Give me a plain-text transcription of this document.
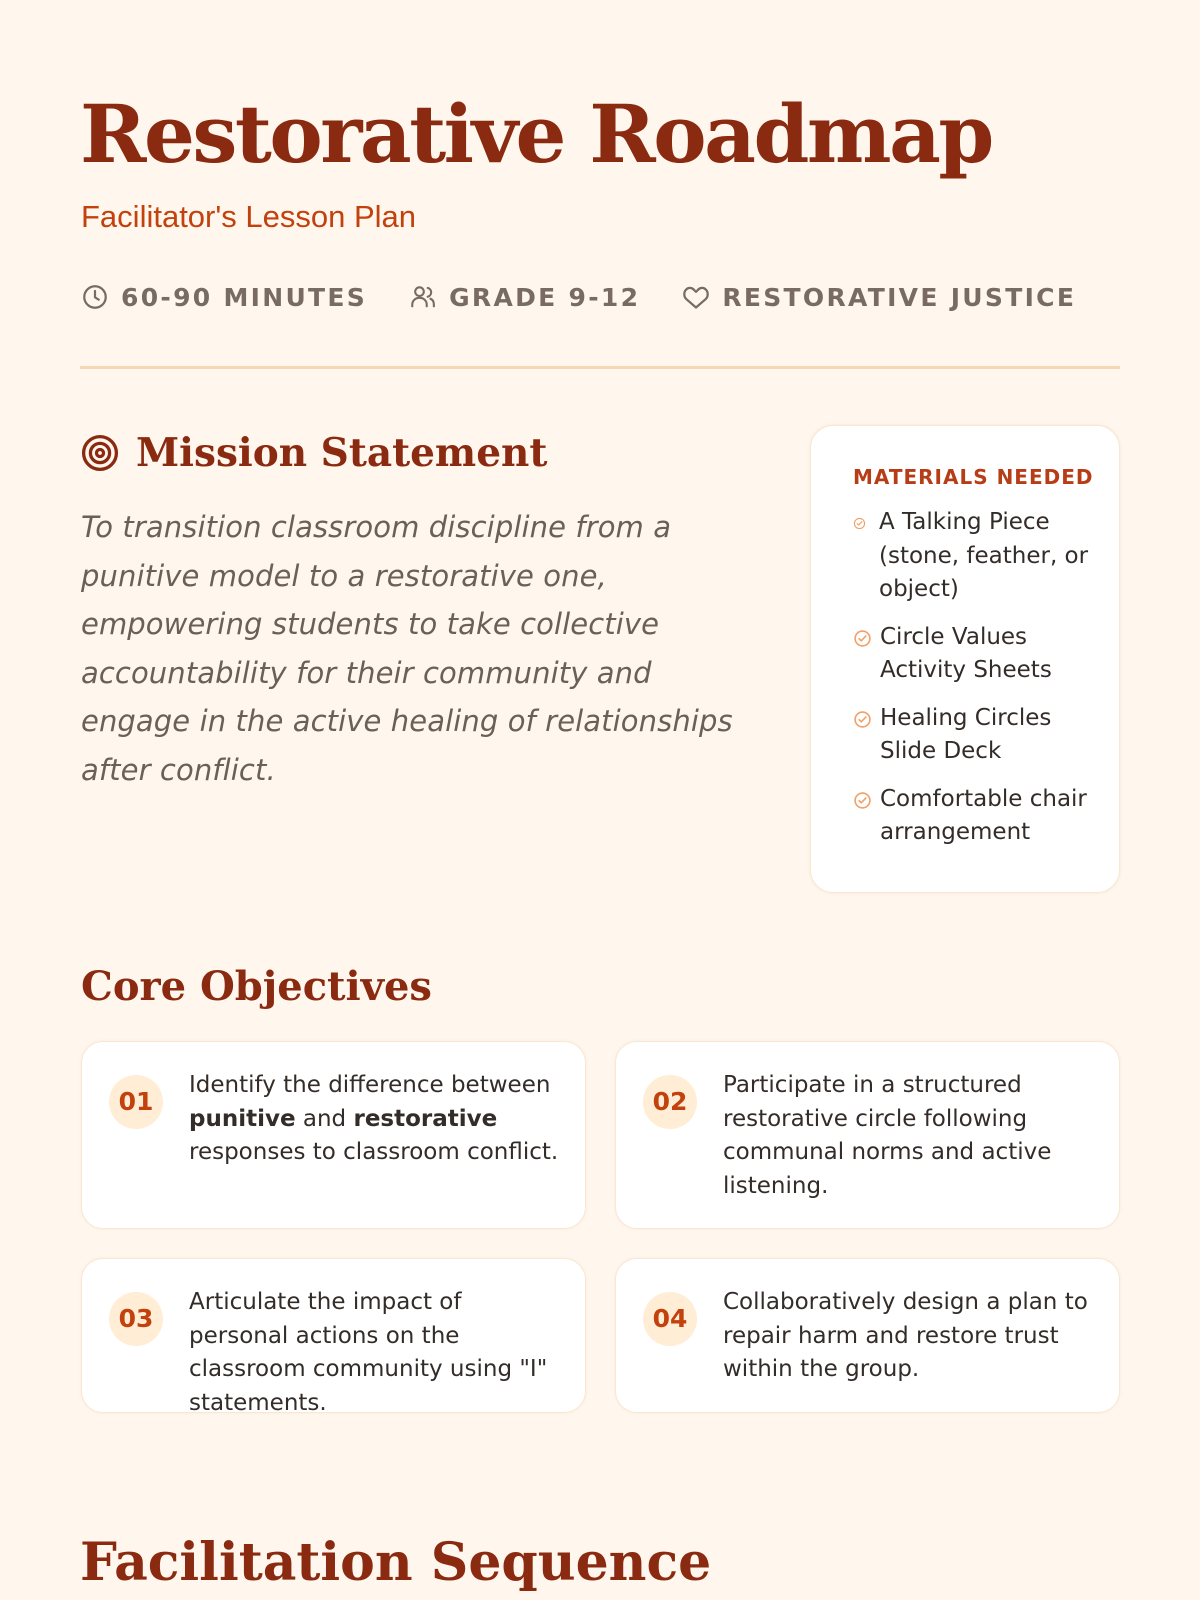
Restorative Roadmap
Facilitator's Lesson Plan
60-90 MINUTES	GRADE 9-12	RESTORATIVE JUSTICE
Mission Statement

To transition classroom discipline from a punitive model to a restorative one, empowering students to take collective accountability for their community and engage in the active healing of relationships after conflict.

MATERIALS NEEDED
A Talking Piece (stone, feather, or object)
Circle Values Activity Sheets
Healing Circles Slide Deck
Comfortable chair arrangement
Core Objectives
01
Identify the difference between punitive and restorative responses to classroom conflict.
02
Participate in a structured restorative circle following communal norms and active listening.
03
Articulate the impact of personal actions on the classroom community using "I" statements.
04
Collaboratively design a plan to repair harm and restore trust within the group.
Facilitation Sequence
